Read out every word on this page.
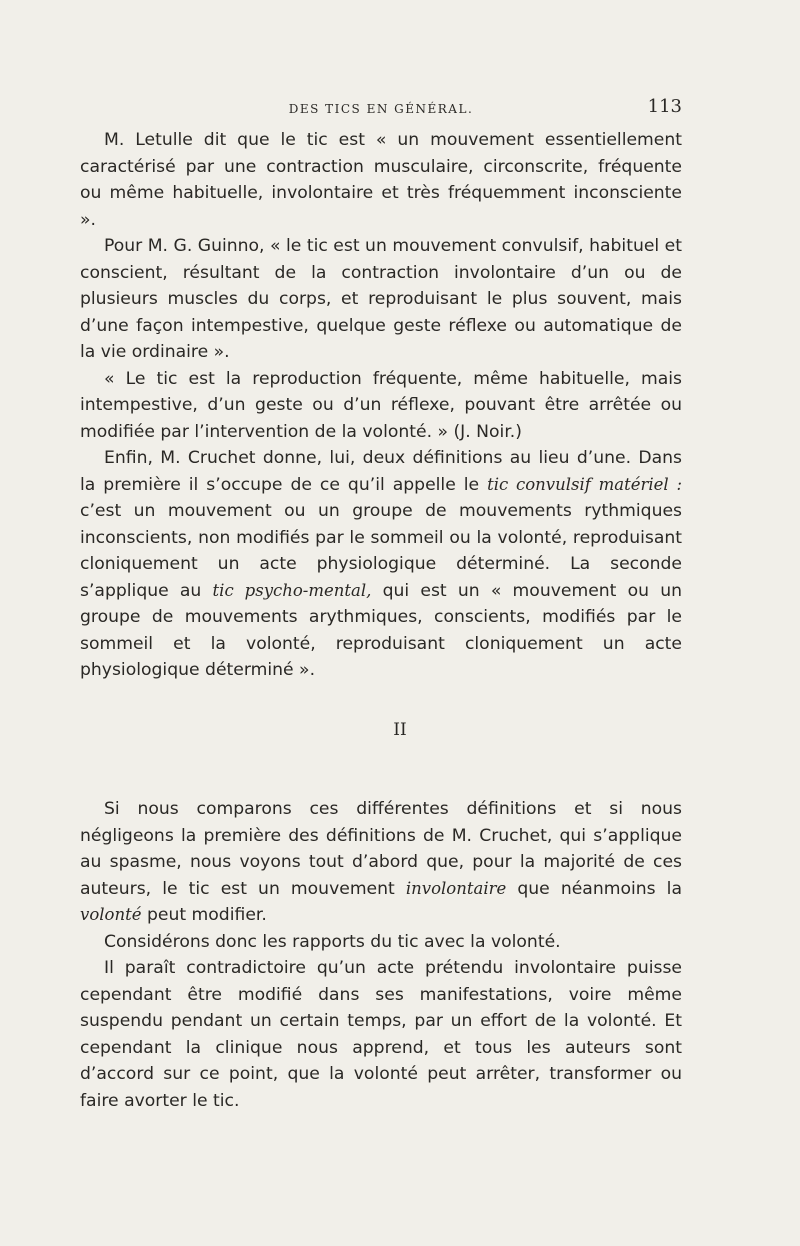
DES TICS EN GÉNÉRAL.	113

M. Letulle dit que le tic est « un mouvement essentiellement caractérisé par une contraction musculaire, circonscrite, fréquente ou même habituelle, involontaire et très fréquemment inconsciente ».

Pour M. G. Guinno, « le tic est un mouvement convulsif, habituel et conscient, résultant de la contraction involontaire d’un ou de plusieurs muscles du corps, et reproduisant le plus souvent, mais d’une façon intempestive, quelque geste réflexe ou automatique de la vie ordinaire ».

« Le tic est la reproduction fréquente, même habituelle, mais intempestive, d’un geste ou d’un réflexe, pouvant être arrêtée ou modifiée par l’intervention de la volonté. » (J. Noir.)

Enfin, M. Cruchet donne, lui, deux définitions au lieu d’une. Dans la première il s’occupe de ce qu’il appelle le tic convulsif matériel : c’est un mouvement ou un groupe de mouvements rythmiques inconscients, non modifiés par le sommeil ou la volonté, reproduisant cloniquement un acte physiologique déterminé. La seconde s’applique au tic psycho-mental, qui est un « mouvement ou un groupe de mouvements arythmiques, conscients, modifiés par le sommeil et la volonté, reproduisant cloniquement un acte physiologique déterminé ».

II

Si nous comparons ces différentes définitions et si nous négligeons la première des définitions de M. Cruchet, qui s’applique au spasme, nous voyons tout d’abord que, pour la majorité de ces auteurs, le tic est un mouvement involontaire que néanmoins la volonté peut modifier.

Considérons donc les rapports du tic avec la volonté.

Il paraît contradictoire qu’un acte prétendu involontaire puisse cependant être modifié dans ses manifestations, voire même suspendu pendant un certain temps, par un effort de la volonté. Et cependant la clinique nous apprend, et tous les auteurs sont d’accord sur ce point, que la volonté peut arrêter, transformer ou faire avorter le tic.
